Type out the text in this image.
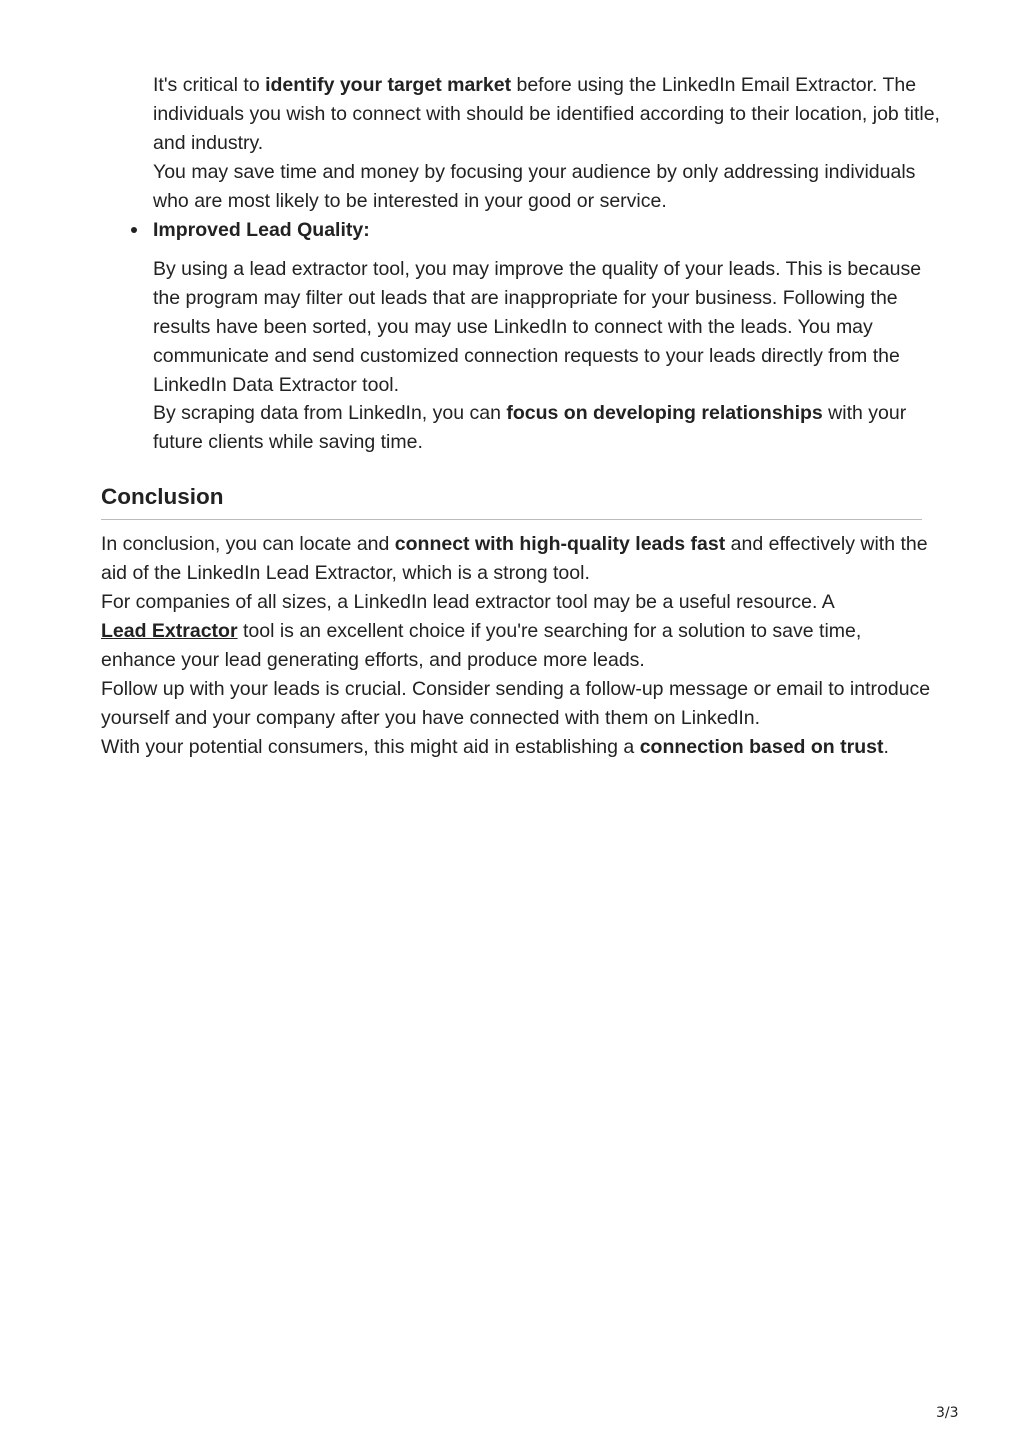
It's critical to identify your target market before using the LinkedIn Email Extractor. The individuals you wish to connect with should be identified according to their location, job title, and industry.

You may save time and money by focusing your audience by only addressing individuals who are most likely to be interested in your good or service.

Improved Lead Quality:

By using a lead extractor tool, you may improve the quality of your leads. This is because the program may filter out leads that are inappropriate for your business. Following the results have been sorted, you may use LinkedIn to connect with the leads. You may communicate and send customized connection requests to your leads directly from the LinkedIn Data Extractor tool.

By scraping data from LinkedIn, you can focus on developing relationships with your future clients while saving time.

Conclusion

In conclusion, you can locate and connect with high-quality leads fast and effectively with the aid of the LinkedIn Lead Extractor, which is a strong tool.

For companies of all sizes, a LinkedIn lead extractor tool may be a useful resource. A

Lead Extractor tool is an excellent choice if you're searching for a solution to save time, enhance your lead generating efforts, and produce more leads.

Follow up with your leads is crucial. Consider sending a follow-up message or email to introduce yourself and your company after you have connected with them on LinkedIn.

With your potential consumers, this might aid in establishing a connection based on trust.

3/3
